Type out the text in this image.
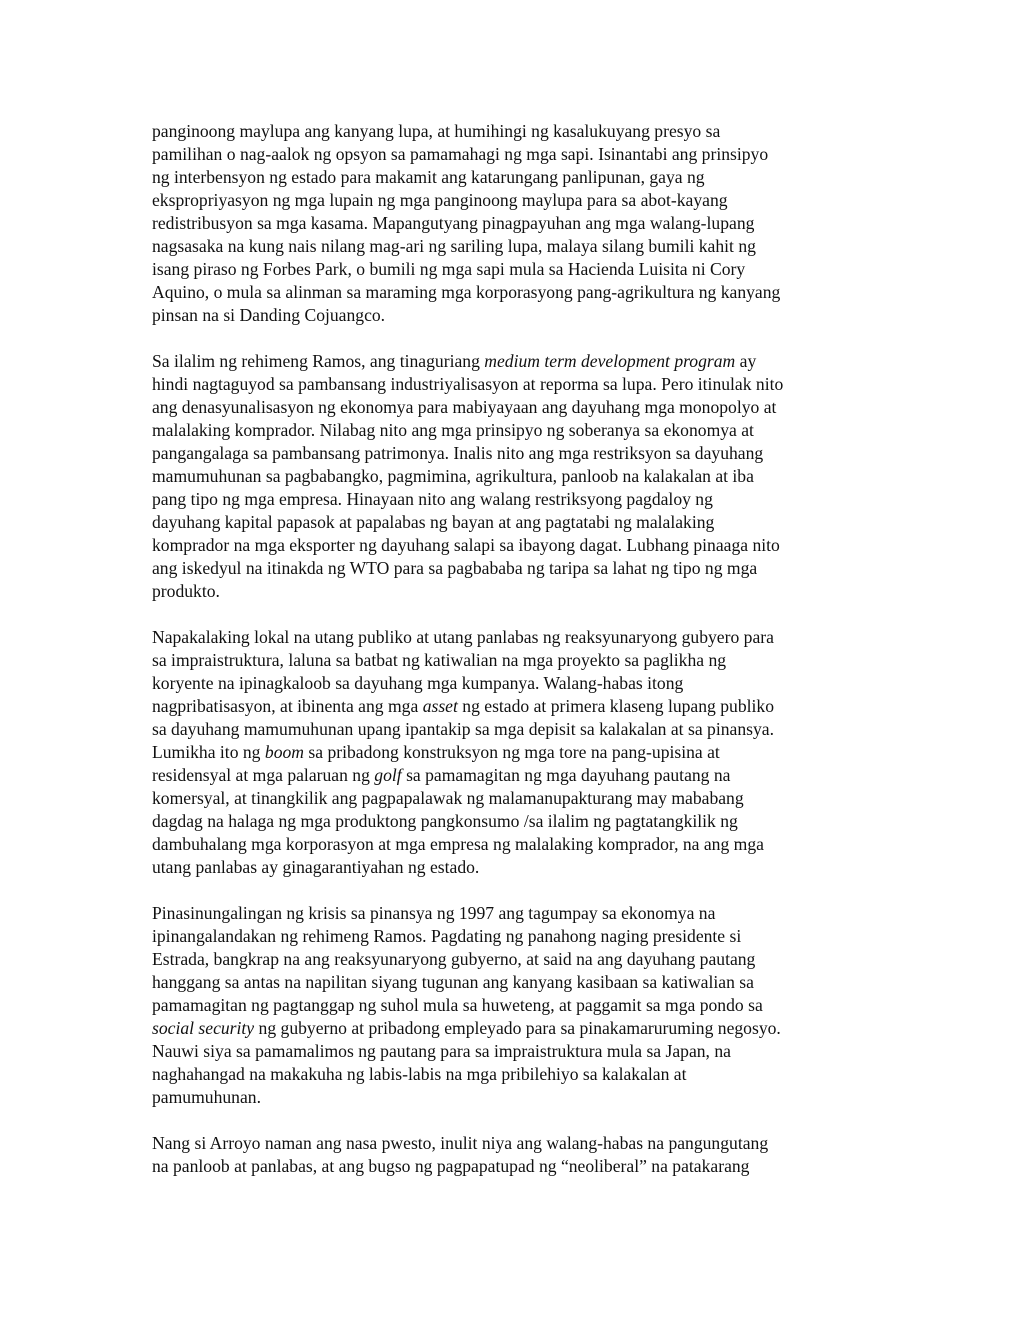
panginoong maylupa ang kanyang lupa, at humihingi ng kasalukuyang presyo sa
pamilihan o nag-aalok ng opsyon sa pamamahagi ng mga sapi. Isinantabi ang prinsipyo
ng interbensyon ng estado para makamit ang katarungang panlipunan, gaya ng
ekspropriyasyon ng mga lupain ng mga panginoong maylupa para sa abot-kayang
redistribusyon sa mga kasama. Mapangutyang pinagpayuhan ang mga walang-lupang
nagsasaka na kung nais nilang mag-ari ng sariling lupa, malaya silang bumili kahit ng
isang piraso ng Forbes Park, o bumili ng mga sapi mula sa Hacienda Luisita ni Cory
Aquino, o mula sa alinman sa maraming mga korporasyong pang-agrikultura ng kanyang
pinsan na si Danding Cojuangco.
Sa ilalim ng rehimeng Ramos, ang tinaguriang medium term development program ay
hindi nagtaguyod sa pambansang industriyalisasyon at reporma sa lupa. Pero itinulak nito
ang denasyunalisasyon ng ekonomya para mabiyayaan ang dayuhang mga monopolyo at
malalaking komprador. Nilabag nito ang mga prinsipyo ng soberanya sa ekonomya at
pangangalaga sa pambansang patrimonya. Inalis nito ang mga restriksyon sa dayuhang
mamumuhunan sa pagbabangko, pagmimina, agrikultura, panloob na kalakalan at iba
pang tipo ng mga empresa. Hinayaan nito ang walang restriksyong pagdaloy ng
dayuhang kapital papasok at papalabas ng bayan at ang pagtatabi ng malalaking
komprador na mga eksporter ng dayuhang salapi sa ibayong dagat. Lubhang pinaaga nito
ang iskedyul na itinakda ng WTO para sa pagbababa ng taripa sa lahat ng tipo ng mga
produkto.
Napakalaking lokal na utang publiko at utang panlabas ng reaksyunaryong gubyero para
sa impraistruktura, laluna sa batbat ng katiwalian na mga proyekto sa paglikha ng
koryente na ipinagkaloob sa dayuhang mga kumpanya. Walang-habas itong
nagpribatisasyon, at ibinenta ang mga asset ng estado at primera klaseng lupang publiko
sa dayuhang mamumuhunan upang ipantakip sa mga depisit sa kalakalan at sa pinansya.
Lumikha ito ng boom sa pribadong konstruksyon ng mga tore na pang-upisina at
residensyal at mga palaruan ng golf sa pamamagitan ng mga dayuhang pautang na
komersyal, at tinangkilik ang pagpapalawak ng malamanupakturang may mababang
dagdag na halaga ng mga produktong pangkonsumo /sa ilalim ng pagtatangkilik ng
dambuhalang mga korporasyon at mga empresa ng malalaking komprador, na ang mga
utang panlabas ay ginagarantiyahan ng estado.
Pinasinungalingan ng krisis sa pinansya ng 1997 ang tagumpay sa ekonomya na
ipinangalandakan ng rehimeng Ramos. Pagdating ng panahong naging presidente si
Estrada, bangkrap na ang reaksyunaryong gubyerno, at said na ang dayuhang pautang
hanggang sa antas na napilitan siyang tugunan ang kanyang kasibaan sa katiwalian sa
pamamagitan ng pagtanggap ng suhol mula sa huweteng, at paggamit sa mga pondo sa
social security ng gubyerno at pribadong empleyado para sa pinakamaruruming negosyo.
Nauwi siya sa pamamalimos ng pautang para sa impraistruktura mula sa Japan, na
naghahangad na makakuha ng labis-labis na mga pribilehiyo sa kalakalan at
pamumuhunan.
Nang si Arroyo naman ang nasa pwesto, inulit niya ang walang-habas na pangungutang
na panloob at panlabas, at ang bugso ng pagpapatupad ng “neoliberal” na patakarang
